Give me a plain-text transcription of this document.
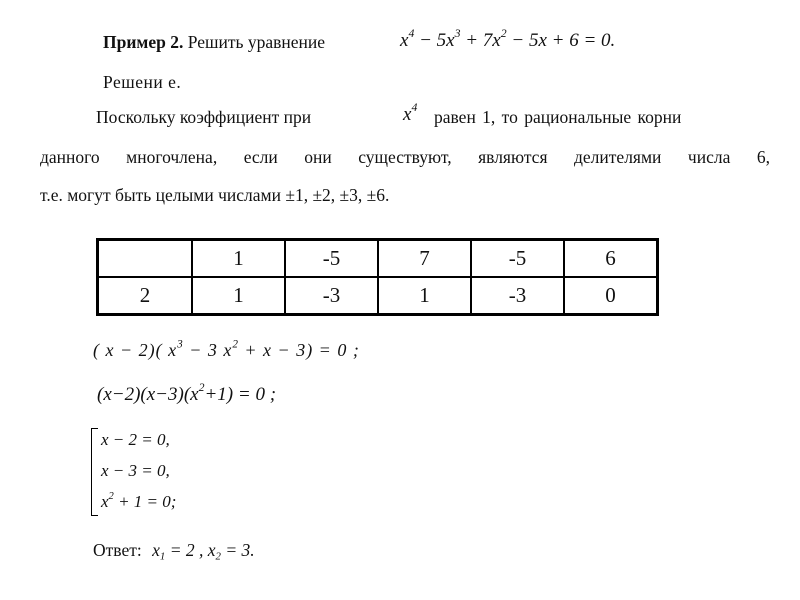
Пример 2. Решить уравнение	$x^4 - 5x^3 + 7x^2 - 5x + 6 = 0$.
Решени е.
Поскольку коэффициент при	$x^4$ равен 1, то рациональные корни
данного многочлена, если они существуют, являются делителями числа 6,
т.е. могут быть целыми числами ±1, ±2, ±3, ±6.
	1	-5	7	-5	6
2	1	-3	1	-3	0
( x − 2)( $x^3 - 3$ $x^2 + x - 3) = 0$ ;
$(x-2)(x-3)(x^2+1) = 0$ ;
x − 2 = 0,
x − 3 = 0,
$x^2 + 1 = 0$;
Ответ: $x_1 = 2$ , $x_2 = 3$.
